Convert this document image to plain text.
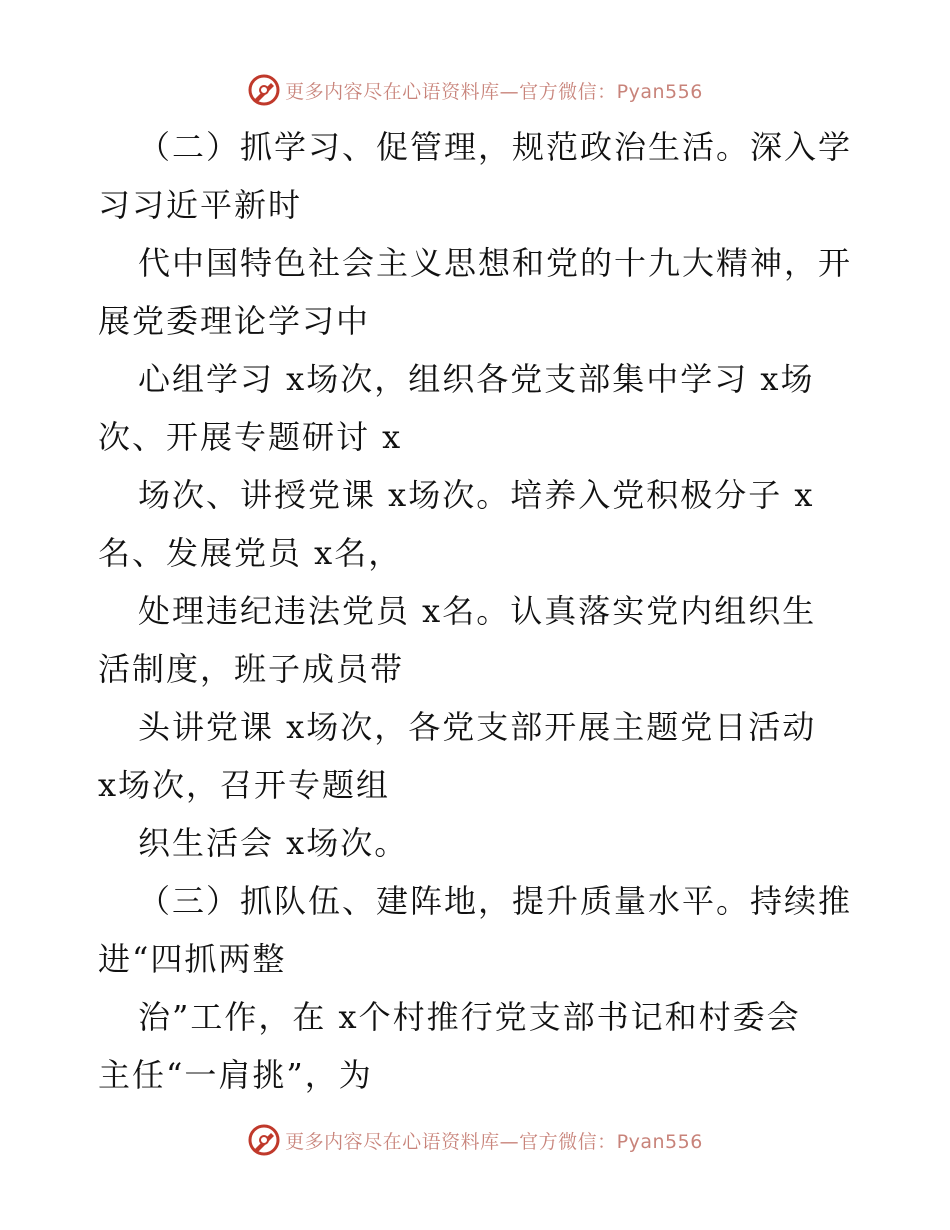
更多内容尽在心语资料库—官方微信：Pyan556
（二）抓学习、促管理，规范政治生活。深入学
习习近平新时
代中国特色社会主义思想和党的十九大精神，开
展党委理论学习中
心组学习 x场次，组织各党支部集中学习 x场
次、开展专题研讨 x
场次、讲授党课 x场次。培养入党积极分子 x
名、发展党员 x名，
处理违纪违法党员 x名。认真落实党内组织生
活制度，班子成员带
头讲党课 x场次，各党支部开展主题党日活动
x场次，召开专题组
织生活会 x场次。
（三）抓队伍、建阵地，提升质量水平。持续推
进“四抓两整
治”工作，在 x个村推行党支部书记和村委会
主任“一肩挑”，为
更多内容尽在心语资料库—官方微信：Pyan556
